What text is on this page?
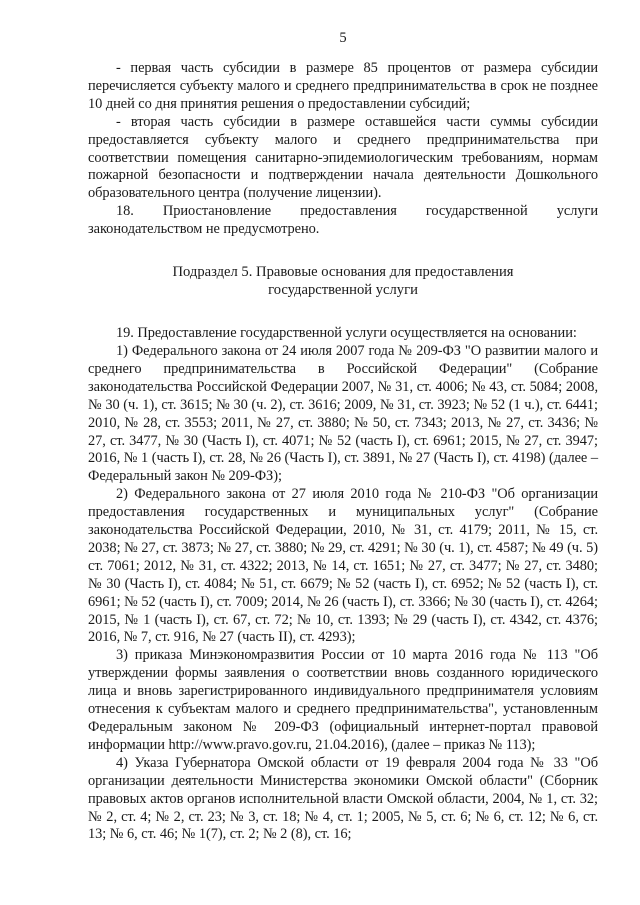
5

- первая часть субсидии в размере 85 процентов от размера субсидии перечисляется субъекту малого и среднего предпринимательства в срок не позднее 10 дней со дня принятия решения о предоставлении субсидий;

- вторая часть субсидии в размере оставшейся части суммы субсидии предоставляется субъекту малого и среднего предпринимательства при соответствии помещения санитарно-эпидемиологическим требованиям, нормам пожарной безопасности и подтверждении начала деятельности Дошкольного образовательного центра (получение лицензии).

18. Приостановление предоставления государственной услуги законодательством не предусмотрено.

Подраздел 5. Правовые основания для предоставления
государственной услуги

19. Предоставление государственной услуги осуществляется на основании:

1) Федерального закона от 24 июля 2007 года № 209-ФЗ "О развитии малого и среднего предпринимательства в Российской Федерации" (Собрание законодательства Российской Федерации 2007, № 31, ст. 4006; № 43, ст. 5084; 2008, № 30 (ч. 1), ст. 3615; № 30 (ч. 2), ст. 3616; 2009, № 31, ст. 3923; № 52 (1 ч.), ст. 6441; 2010, № 28, ст. 3553; 2011, № 27, ст. 3880; № 50, ст. 7343; 2013, № 27, ст. 3436; № 27, ст. 3477, № 30 (Часть I), ст. 4071; № 52 (часть I), ст. 6961; 2015, № 27, ст. 3947; 2016, № 1 (часть I), ст. 28, № 26 (Часть I), ст. 3891, № 27 (Часть I), ст. 4198) (далее – Федеральный закон № 209-ФЗ);

2) Федерального закона от 27 июля 2010 года № 210-ФЗ "Об организации предоставления государственных и муниципальных услуг" (Собрание законодательства Российской Федерации, 2010, № 31, ст. 4179; 2011, № 15, ст. 2038; № 27, ст. 3873; № 27, ст. 3880; № 29, ст. 4291; № 30 (ч. 1), ст. 4587; № 49 (ч. 5) ст. 7061; 2012, № 31, ст. 4322; 2013, № 14, ст. 1651; № 27, ст. 3477; № 27, ст. 3480; № 30 (Часть I), ст. 4084; № 51, ст. 6679; № 52 (часть I), ст. 6952; № 52 (часть I), ст. 6961; № 52 (часть I), ст. 7009; 2014, № 26 (часть I), ст. 3366; № 30 (часть I), ст. 4264; 2015, № 1 (часть I), ст. 67, ст. 72; № 10, ст. 1393; № 29 (часть I), ст. 4342, ст. 4376; 2016, № 7, ст. 916, № 27 (часть II), ст. 4293);

3) приказа Минэкономразвития России от 10 марта 2016 года № 113 "Об утверждении формы заявления о соответствии вновь созданного юридического лица и вновь зарегистрированного индивидуального предпринимателя условиям отнесения к субъектам малого и среднего предпринимательства", установленным Федеральным законом № 209-ФЗ (официальный интернет-портал правовой информации http://www.pravo.gov.ru, 21.04.2016), (далее – приказ № 113);

4) Указа Губернатора Омской области от 19 февраля 2004 года № 33 "Об организации деятельности Министерства экономики Омской области" (Сборник правовых актов органов исполнительной власти Омской области, 2004, № 1, ст. 32; № 2, ст. 4; № 2, ст. 23; № 3, ст. 18; № 4, ст. 1; 2005, № 5, ст. 6; № 6, ст. 12; № 6, ст. 13; № 6, ст. 46; № 1(7), ст. 2; № 2 (8), ст. 16;
